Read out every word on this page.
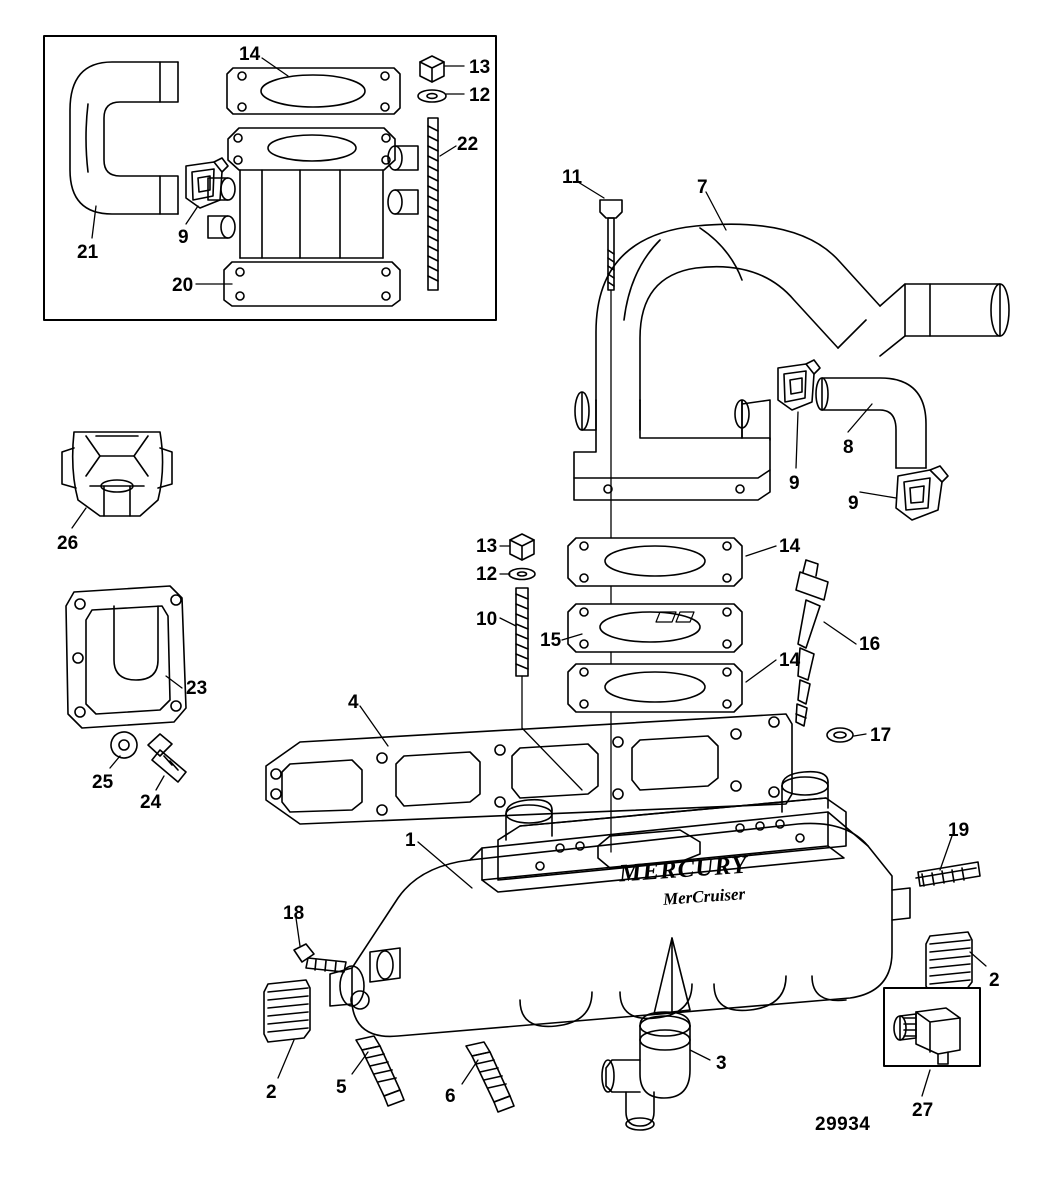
MERCURY
MerCruiser
29934
14
13
12
22
9
21
20
11	7
8
9
9
26	13	14
12
10
15	16
14
23
4
17
25
24
1	19
18
2
2
3
27
5	6
